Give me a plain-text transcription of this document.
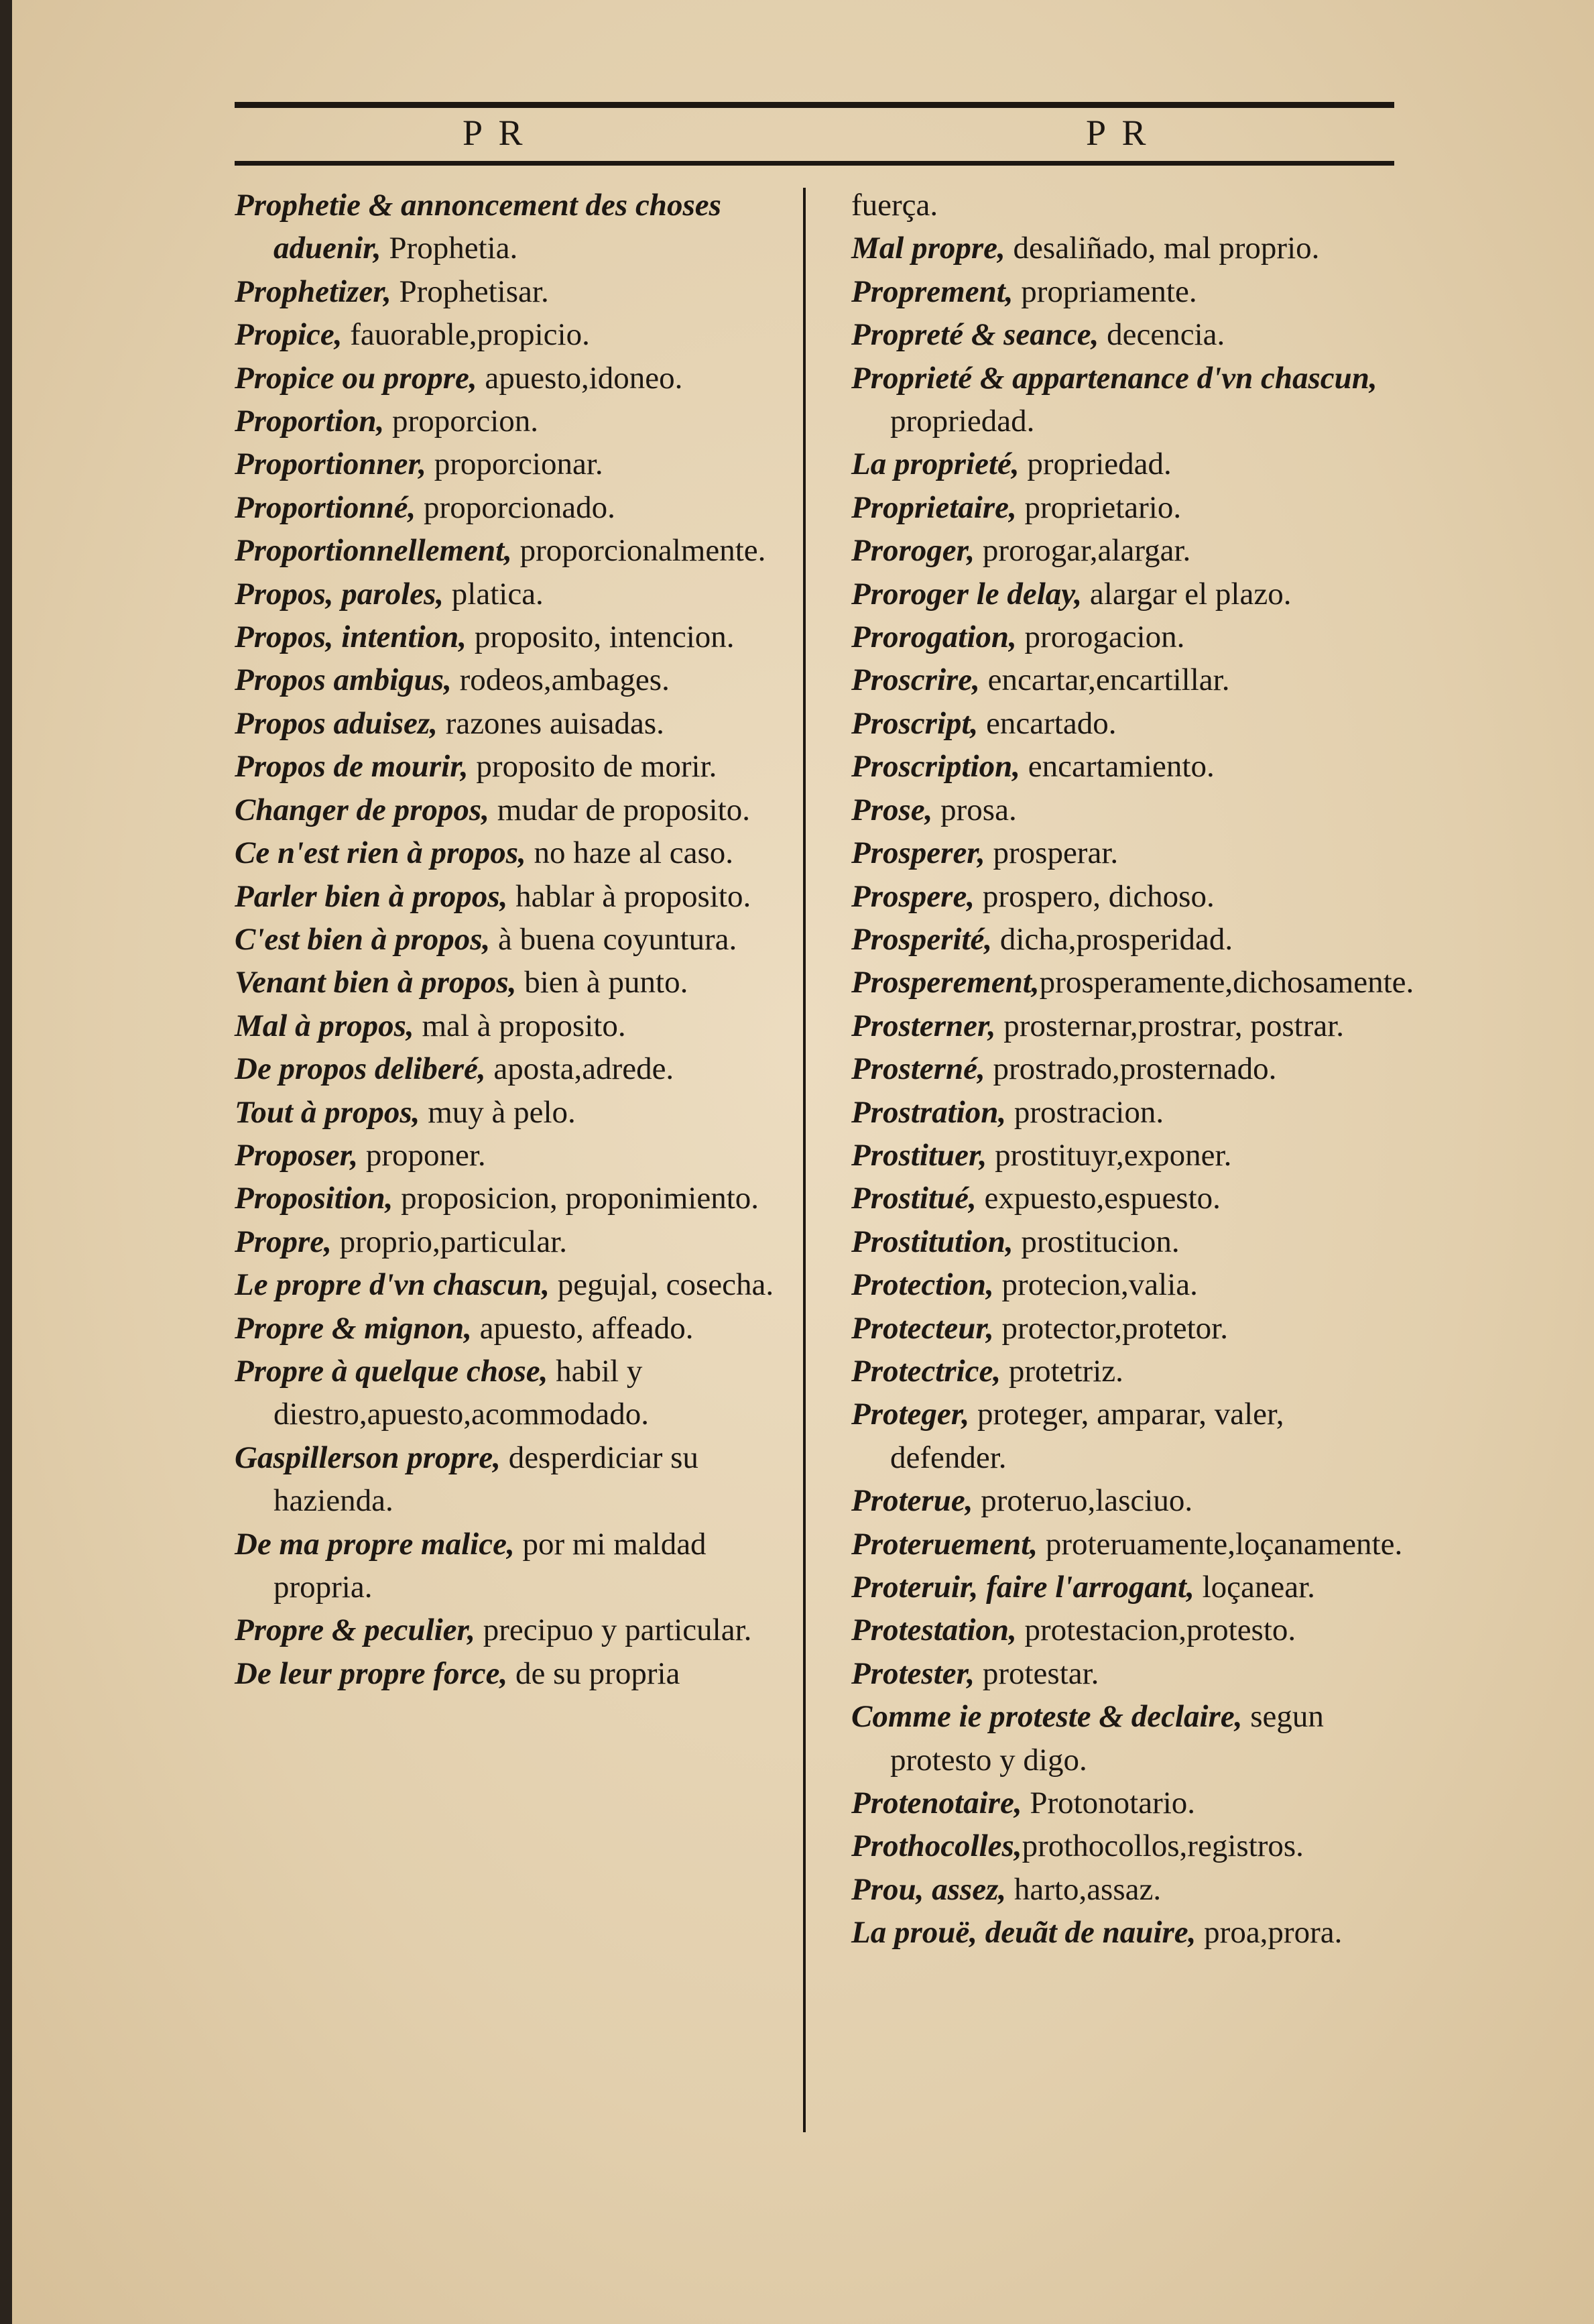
P R	P R
Prophetie & annoncement des choses aduenir, Prophetia.
Prophetizer, Prophetisar.
Propice, fauorable,propicio.
Propice ou propre, apuesto,idoneo.
Proportion, proporcion.
Proportionner, proporcionar.
Proportionné, proporcionado.
Proportionnellement, proporcionalmente.
Propos, paroles, platica.
Propos, intention, proposito, intencion.
Propos ambigus, rodeos,ambages.
Propos aduisez, razones auisadas.
Propos de mourir, proposito de morir.
Changer de propos, mudar de proposito.
Ce n'est rien à propos, no haze al caso.
Parler bien à propos, hablar à proposito.
C'est bien à propos, à buena coyuntura.
Venant bien à propos, bien à punto.
Mal à propos, mal à proposito.
De propos deliberé, aposta,adrede.
Tout à propos, muy à pelo.
Proposer, proponer.
Proposition, proposicion, proponimiento.
Propre, proprio,particular.
Le propre d'vn chascun, pegujal, cosecha.
Propre & mignon, apuesto, affeado.
Propre à quelque chose, habil y diestro,apuesto,acommodado.
Gaspillerson propre, desperdiciar su hazienda.
De ma propre malice, por mi maldad propria.
Propre & peculier, precipuo y particular.
De leur propre force, de su propria
fuerça.
Mal propre, desaliñado, mal proprio.
Proprement, propriamente.
Propreté & seance, decencia.
Proprieté & appartenance d'vn chascun, propriedad.
La proprieté, propriedad.
Proprietaire, proprietario.
Proroger, prorogar,alargar.
Proroger le delay, alargar el plazo.
Prorogation, prorogacion.
Proscrire, encartar,encartillar.
Proscript, encartado.
Proscription, encartamiento.
Prose, prosa.
Prosperer, prosperar.
Prospere, prospero, dichoso.
Prosperité, dicha,prosperidad.
Prosperement,prosperamente,dichosamente.
Prosterner, prosternar,prostrar, postrar.
Prosterné, prostrado,prosternado.
Prostration, prostracion.
Prostituer, prostituyr,exponer.
Prostitué, expuesto,espuesto.
Prostitution, prostitucion.
Protection, protecion,valia.
Protecteur, protector,protetor.
Protectrice, protetriz.
Proteger, proteger, amparar, valer, defender.
Proterue, proteruo,lasciuo.
Proteruement, proteruamente,loçanamente.
Proteruir, faire l'arrogant, loçanear.
Protestation, protestacion,protesto.
Protester, protestar.
Comme ie proteste & declaire, segun protesto y digo.
Protenotaire, Protonotario.
Prothocolles,prothocollos,registros.
Prou, assez, harto,assaz.
La prouë, deuãt de nauire, proa,prora.
